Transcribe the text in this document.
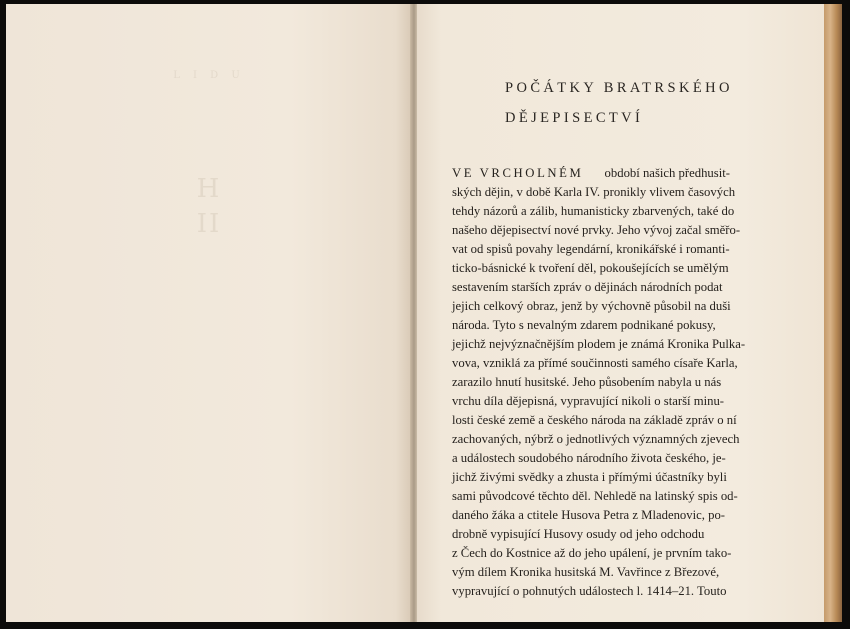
L I D U
H
II
POČÁTKY BRATRSKÉHO
DĚJEPISECTVÍ
VE VRCHOLNÉM období našich předhusit-
ských dějin, v době Karla IV. pronikly vlivem časových
tehdy názorů a zálib, humanisticky zbarvených, také do
našeho dějepisectví nové prvky. Jeho vývoj začal směřo-
vat od spisů povahy legendární, kronikářské i romanti-
ticko-básnické k tvoření děl, pokoušejících se umělým
sestavením starších zpráv o dějinách národních podat
jejich celkový obraz, jenž by výchovně působil na duši
národa. Tyto s nevalným zdarem podnikané pokusy,
jejichž nejvýznačnějším plodem je známá Kronika Pulka-
vova, vzniklá za přímé součinnosti samého císaře Karla,
zarazilo hnutí husitské. Jeho působením nabyla u nás
vrchu díla dějepisná, vypravující nikoli o starší minu-
losti české země a českého národa na základě zpráv o ní
zachovaných, nýbrž o jednotlivých významných zjevech
a událostech soudobého národního života českého, je-
jichž živými svědky a zhusta i přímými účastníky byli
sami původcové těchto děl. Nehledě na latinský spis od-
daného žáka a ctitele Husova Petra z Mladenovic, po-
drobně vypisující Husovy osudy od jeho odchodu
z Čech do Kostnice až do jeho upálení, je prvním tako-
vým dílem Kronika husitská M. Vavřince z Březové,
vypravující o pohnutých událostech l. 1414–21. Touto
